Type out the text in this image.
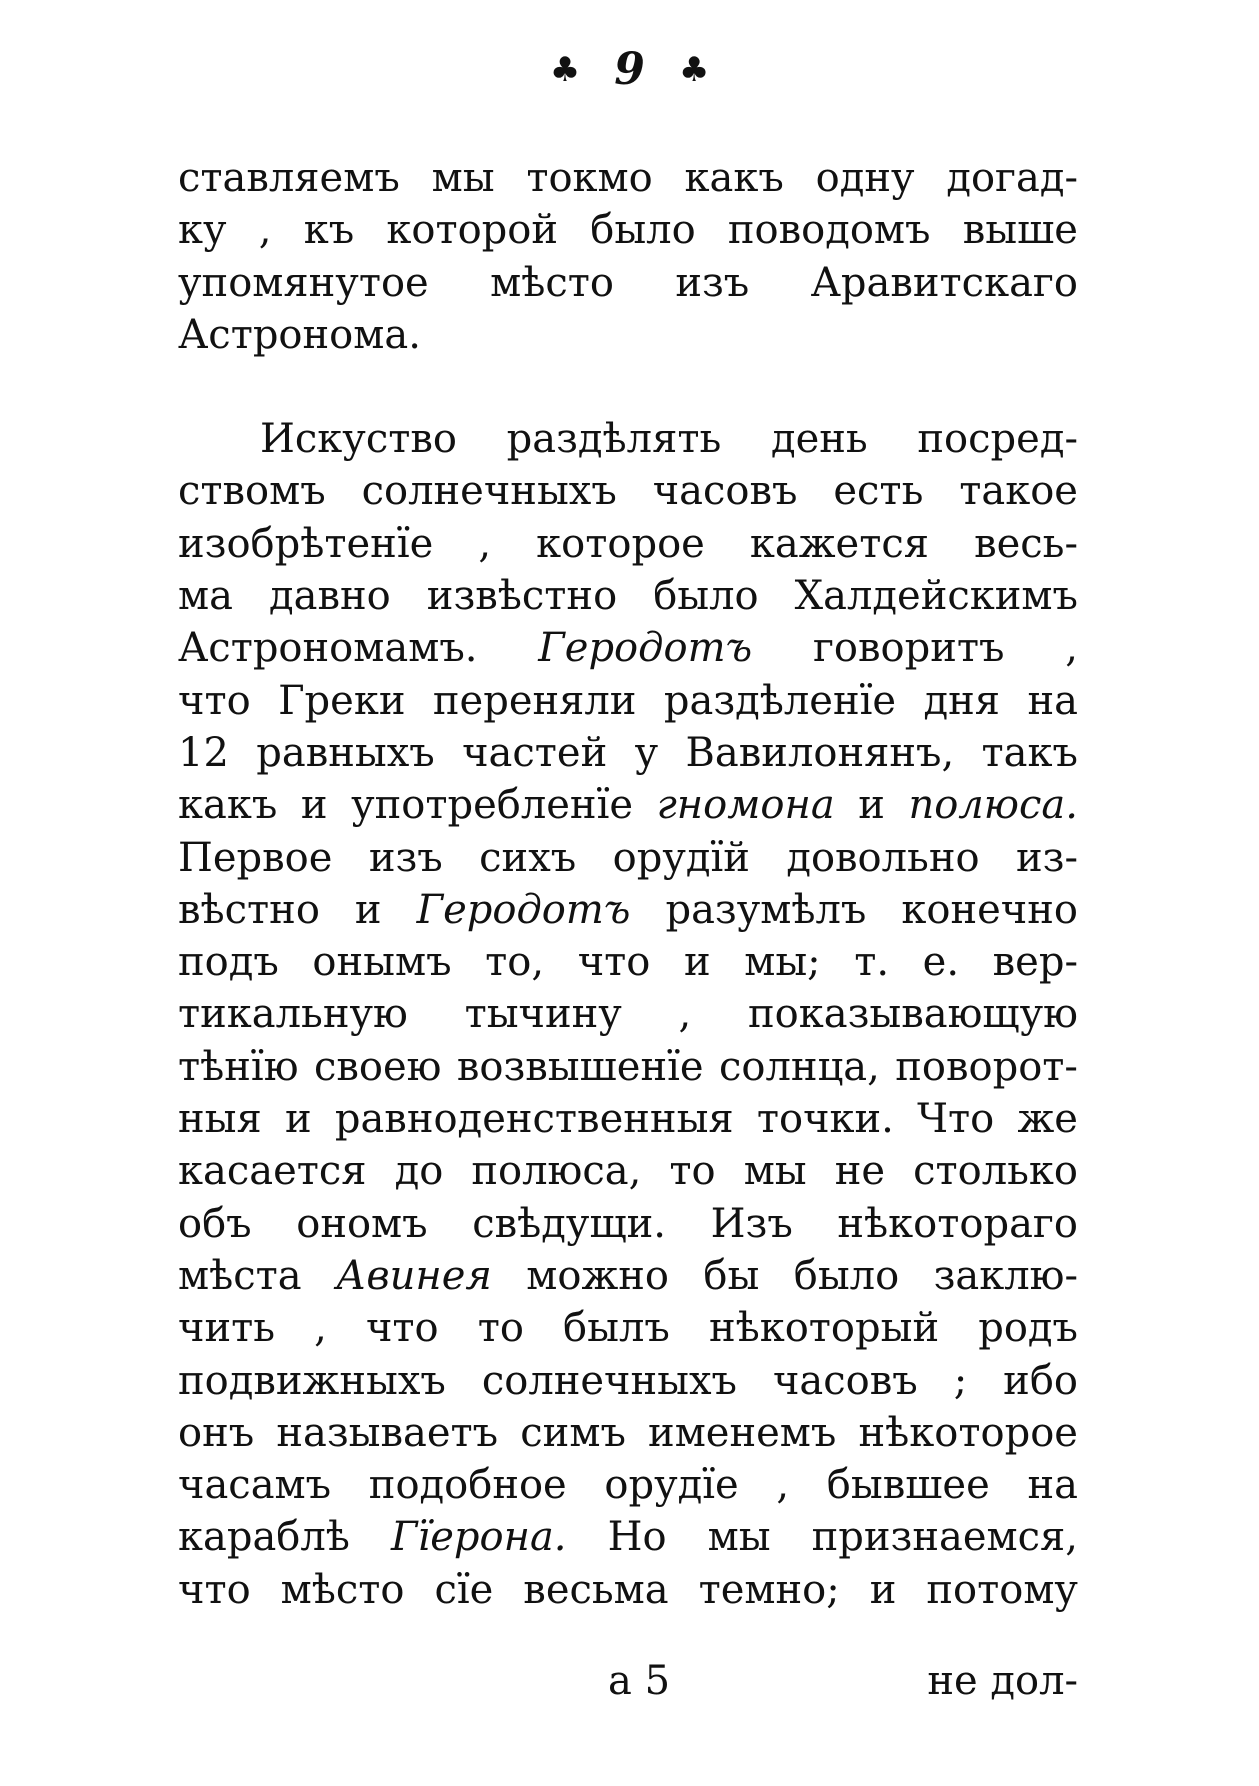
♣ 9 ♣
ставляемъ мы токмо какъ одну догад-
ку , къ которой было поводомъ выше
упомянутое мѣсто изъ Аравитскаго
Астронома.
Искуство раздѣлять день посред-
ствомъ солнечныхъ часовъ есть такое
изобрѣтенїе , которое кажется весь-
ма давно извѣстно было Халдейскимъ
Астрономамъ. Геродотъ говоритъ ,
что Греки переняли раздѣленїе дня на
12 равныхъ частей у Вавилонянъ, такъ
какъ и употребленїе гномона и полюса.
Первое изъ сихъ орудїй довольно из-
вѣстно и Геродотъ разумѣлъ конечно
подъ онымъ то, что и мы; т. е. вер-
тикальную тычину , показывающую
тѣнїю своею возвышенїе солнца, поворот-
ныя и равноденственныя точки. Что же
касается до полюса, то мы не столько
объ ономъ свѣдущи. Изъ нѣкотораго
мѣста Авинея можно бы было заклю-
чить , что то былъ нѣкоторый родъ
подвижныхъ солнечныхъ часовъ ; ибо
онъ называетъ симъ именемъ нѣкоторое
часамъ подобное орудїе , бывшее на
караблѣ Гїерона. Но мы признаемся,
что мѣсто сїе весьма темно; и потому
а 5	не дол-
